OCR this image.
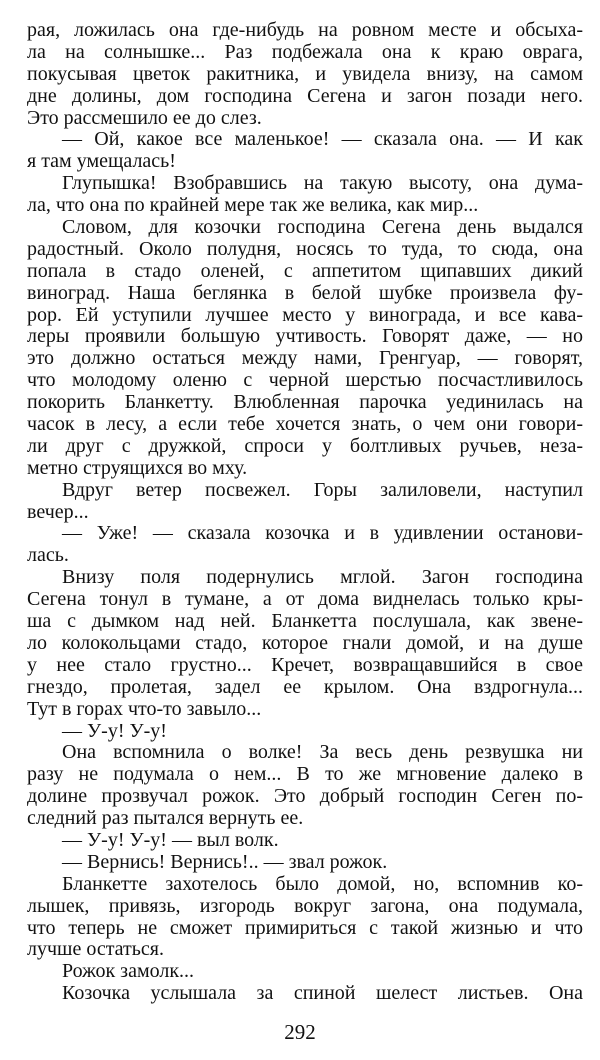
рая, ложилась она где-нибудь на ровном месте и обсыха-
ла на солнышке... Раз подбежала она к краю оврага,
покусывая цветок ракитника, и увидела внизу, на самом
дне долины, дом господина Сегена и загон позади него.
Это рассмешило ее до слез.
— Ой, какое все маленькое! — сказала она. — И как
я там умещалась!
Глупышка! Взобравшись на такую высоту, она дума-
ла, что она по крайней мере так же велика, как мир...
Словом, для козочки господина Сегена день выдался
радостный. Около полудня, носясь то туда, то сюда, она
попала в стадо оленей, с аппетитом щипавших дикий
виноград. Наша беглянка в белой шубке произвела фу-
рор. Ей уступили лучшее место у винограда, и все кава-
леры проявили большую учтивость. Говорят даже, — но
это должно остаться между нами, Гренгуар, — говорят,
что молодому оленю с черной шерстью посчастливилось
покорить Бланкетту. Влюбленная парочка уединилась на
часок в лесу, а если тебе хочется знать, о чем они говори-
ли друг с дружкой, спроси у болтливых ручьев, неза-
метно струящихся во мху.
Вдруг ветер посвежел. Горы залиловели, наступил
вечер...
— Уже! — сказала козочка и в удивлении останови-
лась.
Внизу поля подернулись мглой. Загон господина
Сегена тонул в тумане, а от дома виднелась только кры-
ша с дымком над ней. Бланкетта послушала, как звене-
ло колокольцами стадо, которое гнали домой, и на душе
у нее стало грустно... Кречет, возвращавшийся в свое
гнездо, пролетая, задел ее крылом. Она вздрогнула...
Тут в горах что-то завыло...
— У-у! У-у!
Она вспомнила о волке! За весь день резвушка ни
разу не подумала о нем... В то же мгновение далеко в
долине прозвучал рожок. Это добрый господин Сеген по-
следний раз пытался вернуть ее.
— У-у! У-у! — выл волк.
— Вернись! Вернись!.. — звал рожок.
Бланкетте захотелось было домой, но, вспомнив ко-
лышек, привязь, изгородь вокруг загона, она подумала,
что теперь не сможет примириться с такой жизнью и что
лучше остаться.
Рожок замолк...
Козочка услышала за спиной шелест листьев. Она
292
